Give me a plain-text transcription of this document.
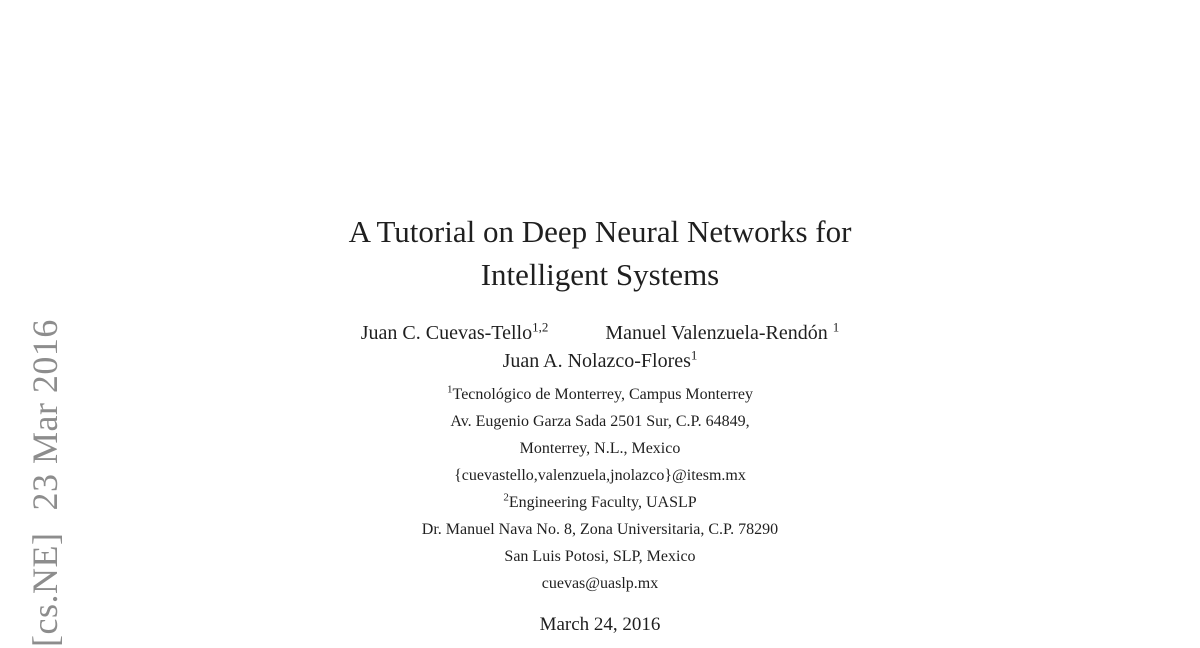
[cs.NE]23 Mar 2016
A Tutorial on Deep Neural Networks for
Intelligent Systems
Juan C. Cuevas-Tello$^{1,2}$	Manuel Valenzuela-Rendón $^1$
Juan A. Nolazco-Flores$^1$
$^1$Tecnológico de Monterrey, Campus Monterrey
Av. Eugenio Garza Sada 2501 Sur, C.P. 64849,
Monterrey, N.L., Mexico
{cuevastello,valenzuela,jnolazco}@itesm.mx
$^2$Engineering Faculty, UASLP
Dr. Manuel Nava No. 8, Zona Universitaria, C.P. 78290
San Luis Potosi, SLP, Mexico
cuevas@uaslp.mx
March 24, 2016
